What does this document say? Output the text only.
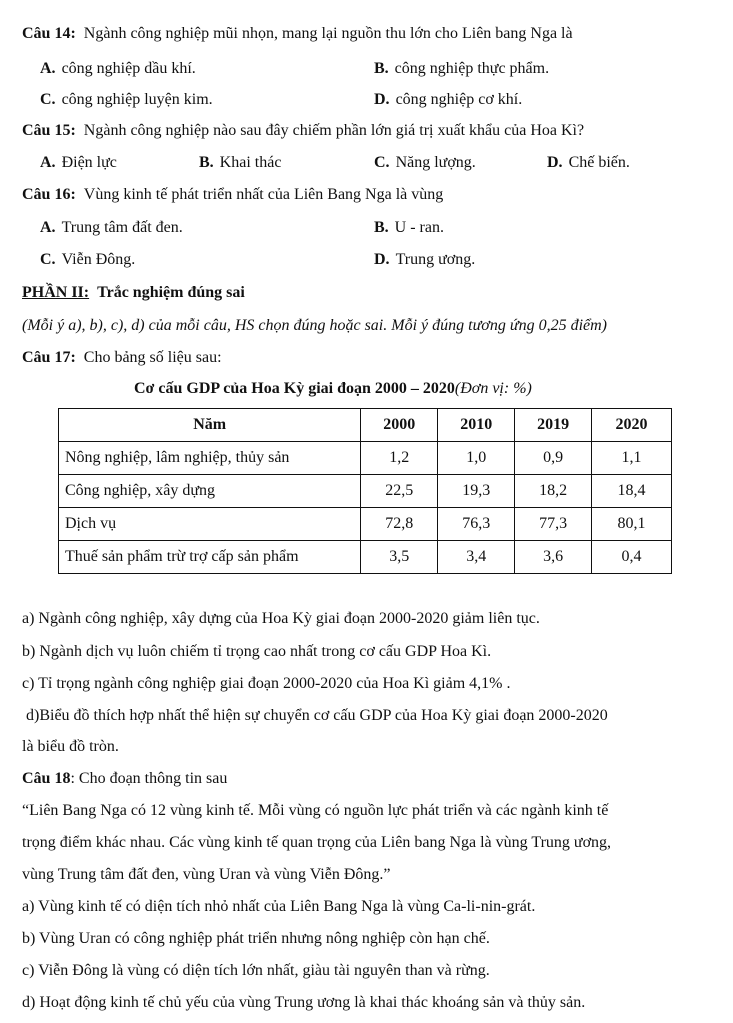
Câu 14: Ngành công nghiệp mũi nhọn, mang lại nguồn thu lớn cho Liên bang Nga là
A. công nghiệp dầu khí.	B. công nghiệp thực phẩm.
C. công nghiệp luyện kim.	D. công nghiệp cơ khí.
Câu 15: Ngành công nghiệp nào sau đây chiếm phần lớn giá trị xuất khẩu của Hoa Kì?
A. Điện lực	B. Khai thác	C. Năng lượng.	D. Chế biến.
Câu 16: Vùng kinh tế phát triển nhất của Liên Bang Nga là vùng
A. Trung tâm đất đen.	B. U - ran.
C. Viễn Đông.	D. Trung ương.
PHẦN II: Trắc nghiệm đúng sai
(Mỗi ý a), b), c), d) của mỗi câu, HS chọn đúng hoặc sai. Mỗi ý đúng tương ứng 0,25 điểm)
Câu 17: Cho bảng số liệu sau:
Cơ cấu GDP của Hoa Kỳ giai đoạn 2000 – 2020(Đơn vị: %)
Năm	2000	2010	2019	2020
Nông nghiệp, lâm nghiệp, thủy sản	1,2	1,0	0,9	1,1
Công nghiệp, xây dựng	22,5	19,3	18,2	18,4
Dịch vụ	72,8	76,3	77,3	80,1
Thuế sản phẩm trừ trợ cấp sản phẩm	3,5	3,4	3,6	0,4
a) Ngành công nghiệp, xây dựng của Hoa Kỳ giai đoạn 2000-2020 giảm liên tục.
b) Ngành dịch vụ luôn chiếm tỉ trọng cao nhất trong cơ cấu GDP Hoa Kì.
c) Tỉ trọng ngành công nghiệp giai đoạn 2000-2020 của Hoa Kì giảm 4,1% .
d)Biểu đồ thích hợp nhất thể hiện sự chuyển cơ cấu GDP của Hoa Kỳ giai đoạn 2000-2020
là biểu đồ tròn.
Câu 18: Cho đoạn thông tin sau
“Liên Bang Nga có 12 vùng kinh tế. Mỗi vùng có nguồn lực phát triển và các ngành kinh tế
trọng điểm khác nhau. Các vùng kinh tế quan trọng của Liên bang Nga là vùng Trung ương,
vùng Trung tâm đất đen, vùng Uran và vùng Viễn Đông.”
a) Vùng kinh tế có diện tích nhỏ nhất của Liên Bang Nga là vùng Ca-li-nin-grát.
b) Vùng Uran có công nghiệp phát triển nhưng nông nghiệp còn hạn chế.
c) Viễn Đông là vùng có diện tích lớn nhất, giàu tài nguyên than và rừng.
d) Hoạt động kinh tế chủ yếu của vùng Trung ương là khai thác khoáng sản và thủy sản.
